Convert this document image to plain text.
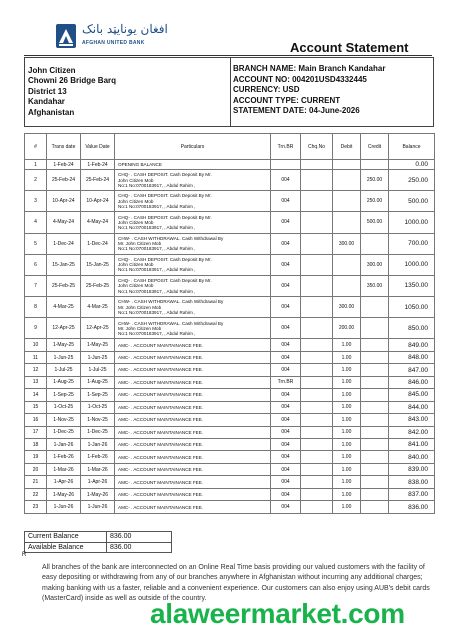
افغان یونایټد بانک
AFGHAN UNITED BANK	Account Statement
John Citizen
Chowni 26 Bridge Barq
District 13
Kandahar
Afghanistan
BRANCH NAME: Main Branch Kandahar
ACCOUNT NO: 004201USD4332445
CURRENCY: USD
ACCOUNT TYPE: CURRENT
STATEMENT DATE: 04-June-2026
#	Trans date	Value Date	Particulars	Trn.BR	Chq.No	Debit	Credit	Balance
1	1-Feb-24	1-Feb-24	OPENING BALANCE					0.00
2	25-Feb-24	25-Feb-24	CHQ- . CASH DEPOSIT. Cash Deposit By Mr.
John Citizen Mob
No:1 No:0700183917, , Abdul Rahim ,	004			250.00	250.00
3	10-Apr-24	10-Apr-24	CHQ- . CASH DEPOSIT. Cash Deposit By Mr.
John Citizen Mob
No:1 No:0700183917, , Abdul Rahim ,	004			250.00	500.00
4	4-May-24	4-May-24	CHQ- . CASH DEPOSIT. Cash Deposit By Mr.
John Citizen Mob
No:1 No:0700183917, , Abdul Rahim ,	004			500.00	1000.00
5	1-Dec-24	1-Dec-24	CHW- . CASH WITHDRAWAL. Cash Withdrawal By
Mr. John Citizen Mob
No:1 No:0700183917, , Abdul Rahim ,	004		300.00		700.00
6	15-Jan-25	15-Jan-25	CHQ- . CASH DEPOSIT. Cash Deposit By Mr.
John Citizen Mob
No:1 No:0700183917, , Abdul Rahim ,	004			300.00	1000.00
7	25-Feb-25	25-Feb-25	CHQ- . CASH DEPOSIT. Cash Deposit By Mr.
John Citizen Mob
No:1 No:0700183917, , Abdul Rahim ,	004			350.00	1350.00
8	4-Mar-25	4-Mar-25	CHW- . CASH WITHDRAWAL. Cash Withdrawal By
Mr. John Citizen Mob
No:1 No:0700183917, , Abdul Rahim ,	004		300.00		1050.00
9	12-Apr-25	12-Apr-25	CHW- . CASH WITHDRAWAL. Cash Withdrawal By
Mr. John Citizen Mob
No:1 No:0700183917, , Abdul Rahim ,	004		200.00		850.00
10	1-May-25	1-May-25	AMC- . ACCOUNT MAINTAINANCE FEE.	004		1.00		849.00
11	1-Jun-25	1-Jun-25	AMC- . ACCOUNT MAINTAINANCE FEE.	004		1.00		848.00
12	1-Jul-25	1-Jul-25	AMC- . ACCOUNT MAINTAINANCE FEE.	004		1.00		847.00
13	1-Aug-25	1-Aug-25	AMC- . ACCOUNT MAINTAINANCE FEE.	Trn.BR		1.00		846.00
14	1-Sep-25	1-Sep-25	AMC- . ACCOUNT MAINTAINANCE FEE.	004		1.00		845.00
15	1-Oct-25	1-Oct-25	AMC- . ACCOUNT MAINTAINANCE FEE.	004		1.00		844.00
16	1-Nov-25	1-Nov-25	AMC- . ACCOUNT MAINTAINANCE FEE.	004		1.00		843.00
17	1-Dec-25	1-Dec-25	AMC- . ACCOUNT MAINTAINANCE FEE.	004		1.00		842.00
18	1-Jan-26	1-Jan-26	AMC- . ACCOUNT MAINTAINANCE FEE.	004		1.00		841.00
19	1-Feb-26	1-Feb-26	AMC- . ACCOUNT MAINTAINANCE FEE.	004		1.00		840.00
20	1-Mar-26	1-Mar-26	AMC- . ACCOUNT MAINTAINANCE FEE.	004		1.00		839.00
21	1-Apr-26	1-Apr-26	AMC- . ACCOUNT MAINTAINANCE FEE.	004		1.00		838.00
22	1-May-26	1-May-26	AMC- . ACCOUNT MAINTAINANCE FEE.	004		1.00		837.00
23	1-Jun-26	1-Jun-26	AMC- . ACCOUNT MAINTAINANCE FEE.	004		1.00		836.00
Current Balance	836.00
Available Balance	836.00
R
All branches of the bank are interconnected on an Online Real Time basis providing our valued customers with the facility of easy depositing or withdrawing from any of our branches anywhere in Afghanistan without incurring any additional charges; making banking with us a faster, reliable and a convenient experience. Our customers can also enjoy using AUB's debit cards (MasterCard) inside as well as outside of the country.
alaweermarket.com
